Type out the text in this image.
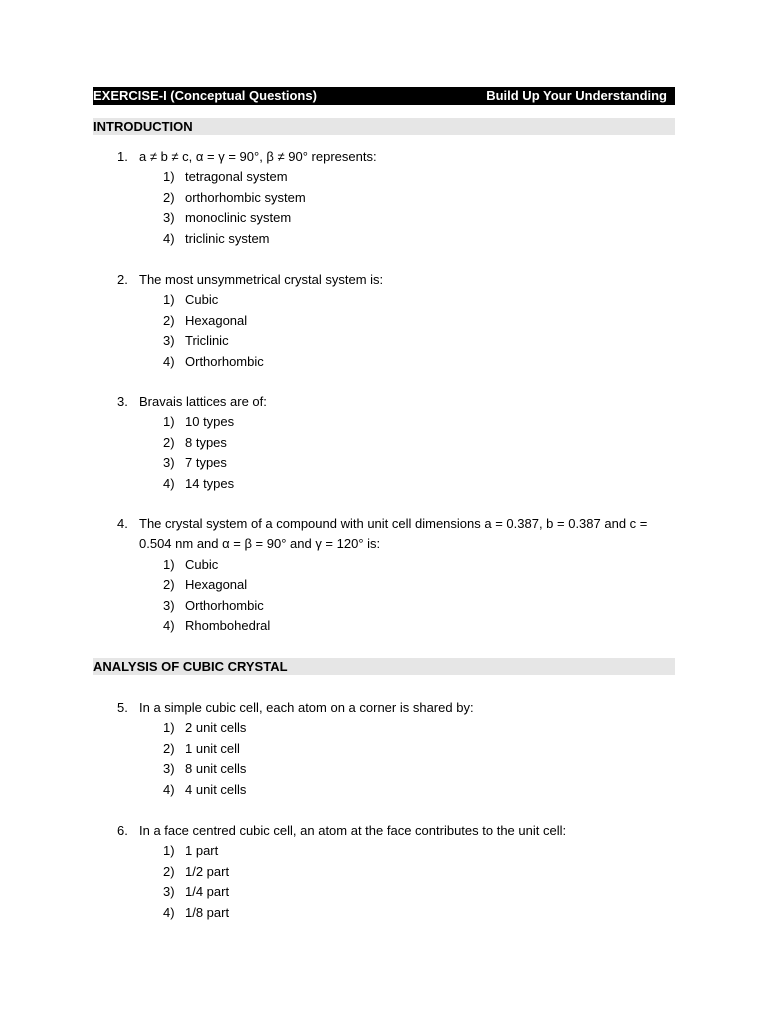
EXERCISE-I (Conceptual Questions)	Build Up Your Understanding
INTRODUCTION
1. a ≠ b ≠ c, α = γ = 90°, β ≠ 90° represents:
1) tetragonal system
2) orthorhombic system
3) monoclinic system
4) triclinic system
2. The most unsymmetrical crystal system is:
1) Cubic
2) Hexagonal
3) Triclinic
4) Orthorhombic
3. Bravais lattices are of:
1) 10 types
2) 8 types
3) 7 types
4) 14 types
4. The crystal system of a compound with unit cell dimensions a = 0.387, b = 0.387 and c = 0.504 nm and α = β = 90° and γ = 120° is:
1) Cubic
2) Hexagonal
3) Orthorhombic
4) Rhombohedral
ANALYSIS OF CUBIC CRYSTAL
5. In a simple cubic cell, each atom on a corner is shared by:
1) 2 unit cells
2) 1 unit cell
3) 8 unit cells
4) 4 unit cells
6. In a face centred cubic cell, an atom at the face contributes to the unit cell:
1) 1 part
2) 1/2 part
3) 1/4 part
4) 1/8 part
